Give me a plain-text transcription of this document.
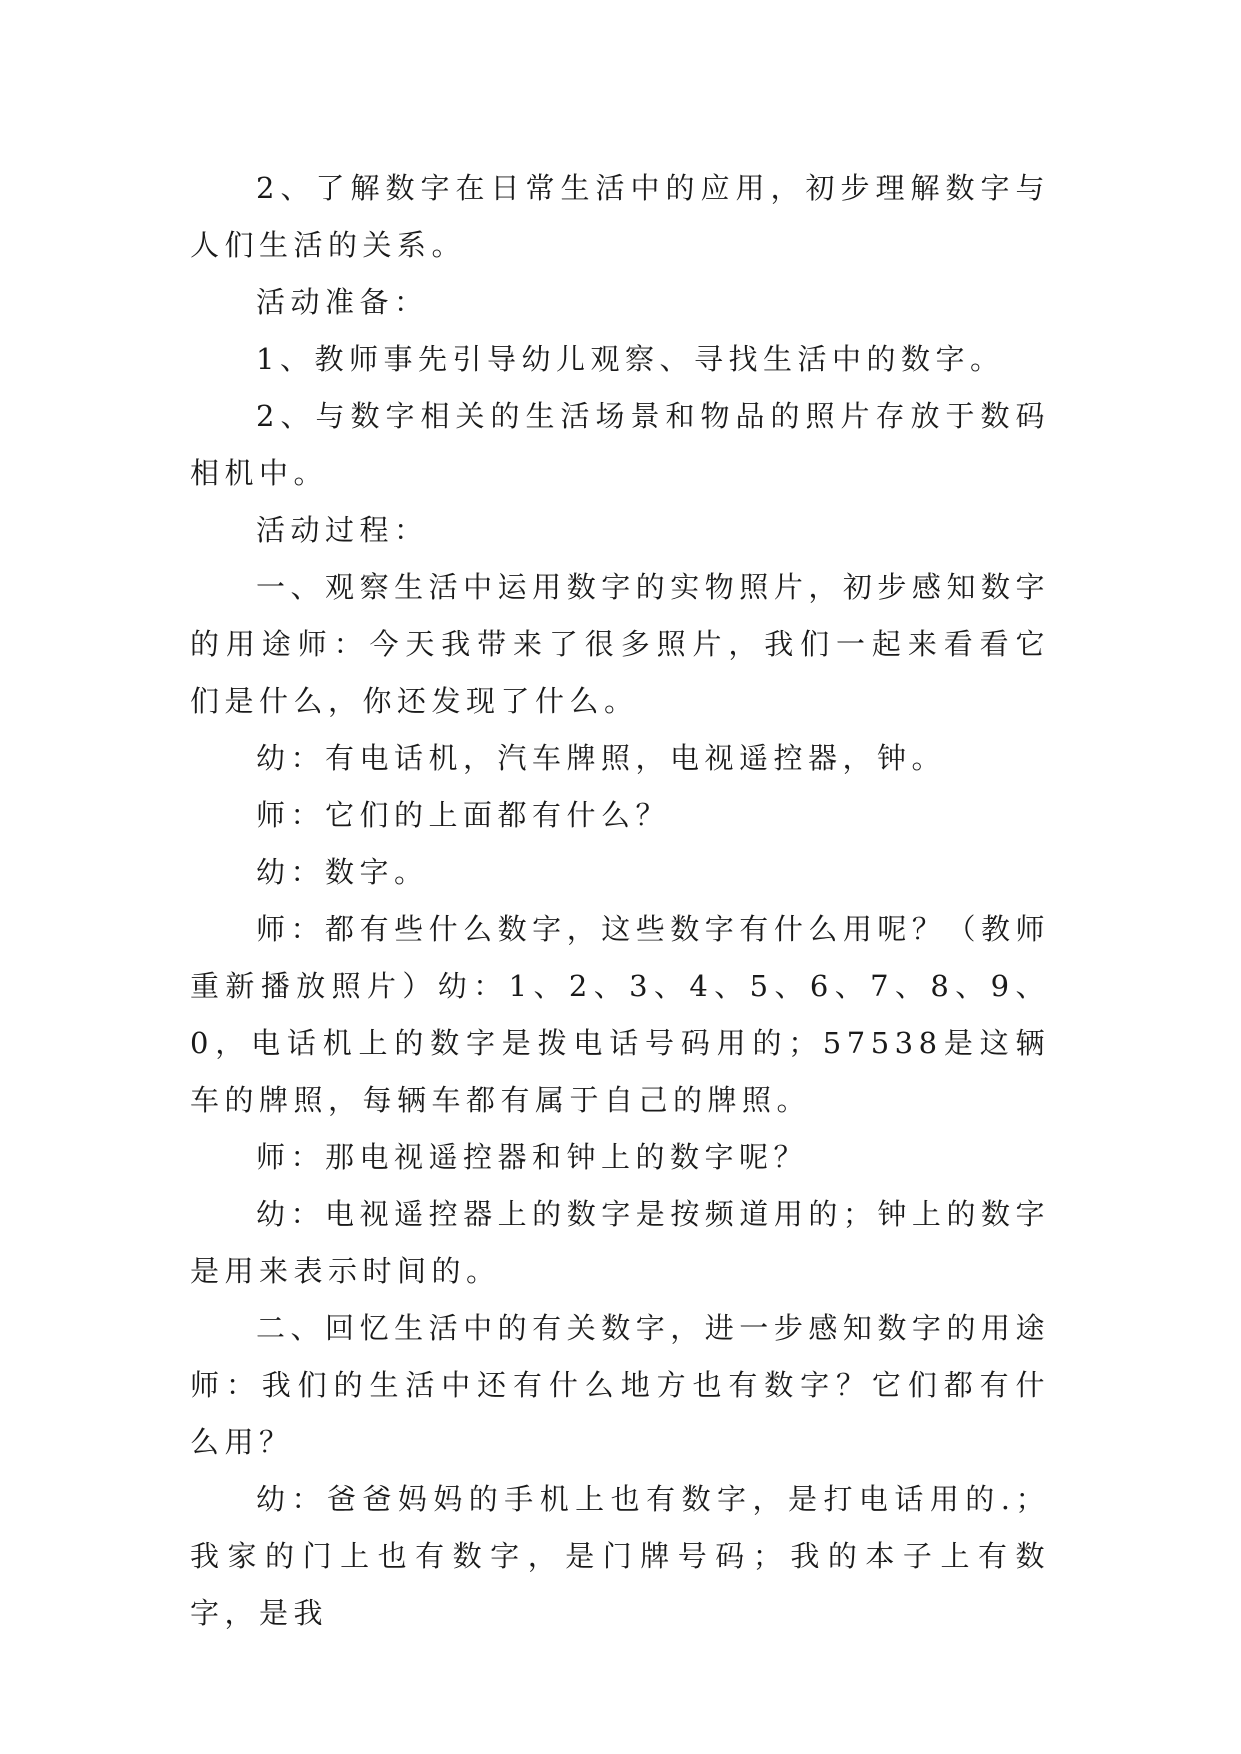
2、了解数字在日常生活中的应用，初步理解数字与人们生活的关系。

活动准备：

1、教师事先引导幼儿观察、寻找生活中的数字。

2、与数字相关的生活场景和物品的照片存放于数码相机中。

活动过程：

一、观察生活中运用数字的实物照片，初步感知数字的用途师：今天我带来了很多照片，我们一起来看看它们是什么，你还发现了什么。

幼：有电话机，汽车牌照，电视遥控器，钟。

师：它们的上面都有什么？

幼：数字。

师：都有些什么数字，这些数字有什么用呢？（教师重新播放照片）幼：1、2、3、4、5、6、7、8、9、0，电话机上的数字是拨电话号码用的；57538是这辆车的牌照，每辆车都有属于自己的牌照。

师：那电视遥控器和钟上的数字呢？

幼：电视遥控器上的数字是按频道用的；钟上的数字是用来表示时间的。

二、回忆生活中的有关数字，进一步感知数字的用途师：我们的生活中还有什么地方也有数字？它们都有什么用？

幼：爸爸妈妈的手机上也有数字，是打电话用的.；我家的门上也有数字，是门牌号码；我的本子上有数字，是我
